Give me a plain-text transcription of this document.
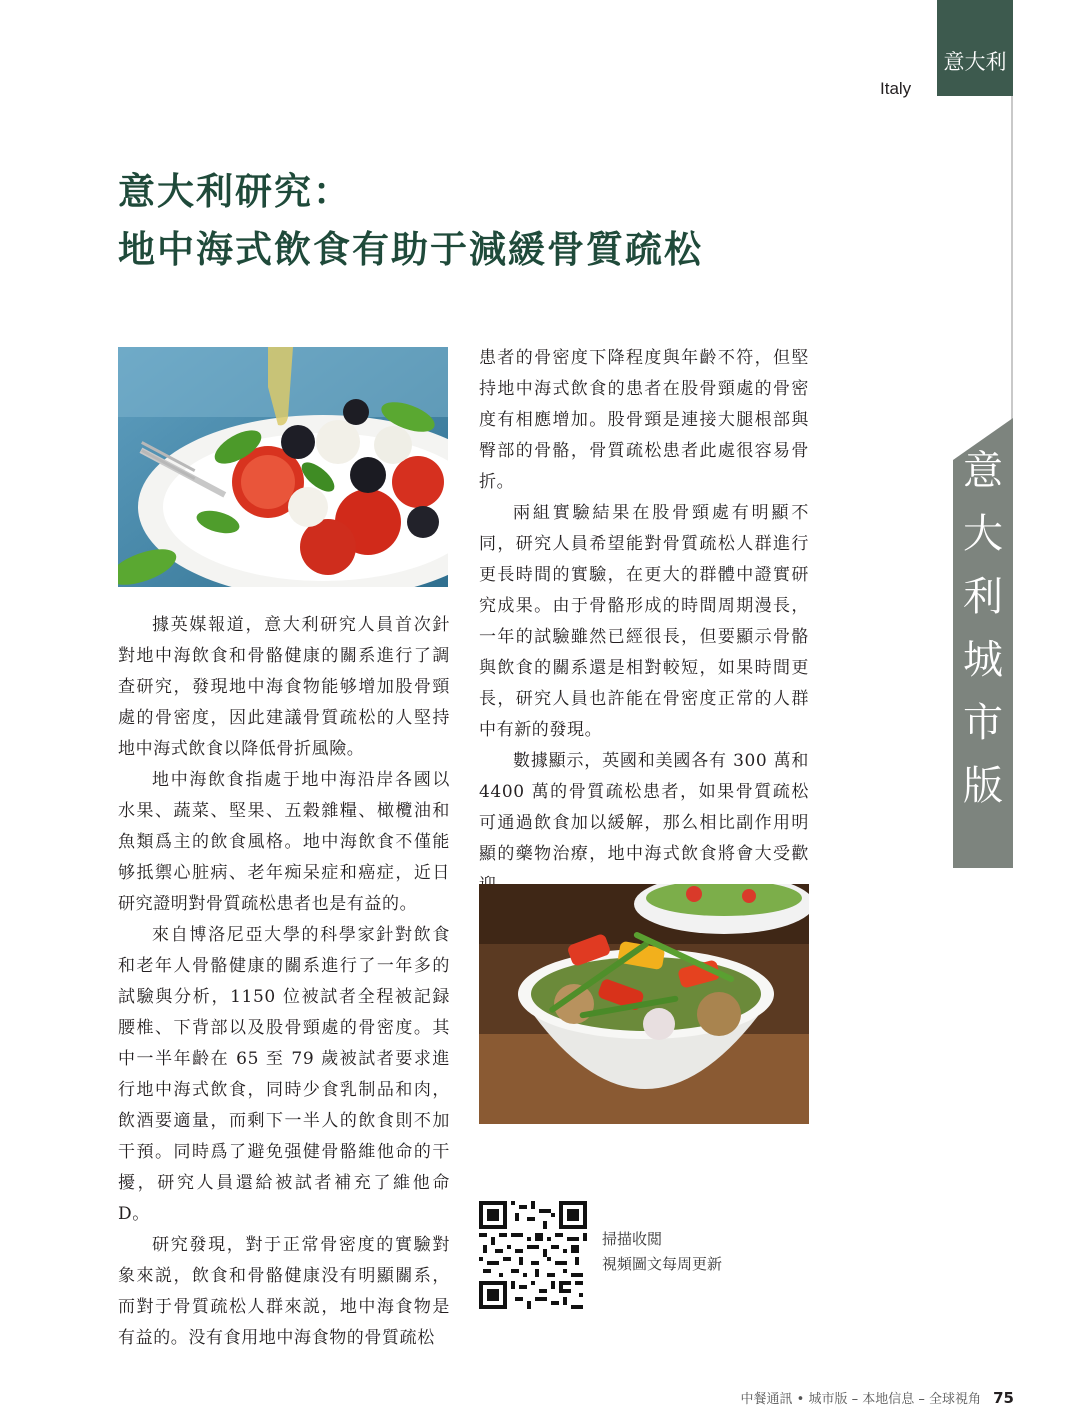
意大利
Italy
意
大
利
城
市
版
意大利研究：
地中海式飲食有助于減緩骨質疏松

據英媒報道，意大利研究人員首次針對地中海飲食和骨骼健康的關系進行了調查研究，發現地中海食物能够增加股骨頸處的骨密度，因此建議骨質疏松的人堅持地中海式飲食以降低骨折風險。

地中海飲食指處于地中海沿岸各國以水果、蔬菜、堅果、五穀雜糧、橄欖油和魚類爲主的飲食風格。地中海飲食不僅能够抵禦心脏病、老年痴呆症和癌症，近日研究證明對骨質疏松患者也是有益的。

來自博洛尼亞大學的科學家針對飲食和老年人骨骼健康的關系進行了一年多的試驗與分析，1150 位被試者全程被記録腰椎、下背部以及股骨頸處的骨密度。其中一半年齡在 65 至 79 歲被試者要求進行地中海式飲食，同時少食乳制品和肉，飲酒要適量，而剩下一半人的飲食則不加干預。同時爲了避免强健骨骼維他命的干擾，研究人員還給被試者補充了維他命 D。

研究發現，對于正常骨密度的實驗對象來説，飲食和骨骼健康没有明顯關系，而對于骨質疏松人群來説，地中海食物是有益的。没有食用地中海食物的骨質疏松

患者的骨密度下降程度與年齡不符，但堅持地中海式飲食的患者在股骨頸處的骨密度有相應增加。股骨頸是連接大腿根部與臀部的骨骼，骨質疏松患者此處很容易骨折。

兩組實驗結果在股骨頸處有明顯不同，研究人員希望能對骨質疏松人群進行更長時間的實驗，在更大的群體中證實研究成果。由于骨骼形成的時間周期漫長，一年的試驗雖然已經很長，但要顯示骨骼與飲食的關系還是相對較短，如果時間更長，研究人員也許能在骨密度正常的人群中有新的發現。

數據顯示，英國和美國各有 300 萬和 4400 萬的骨質疏松患者，如果骨質疏松可通過飲食加以緩解，那么相比副作用明顯的藥物治療，地中海式飲食將會大受歡

掃描收閲
視頻圖文每周更新
中餐通訊 • 城市版 – 本地信息 – 全球視角 75
